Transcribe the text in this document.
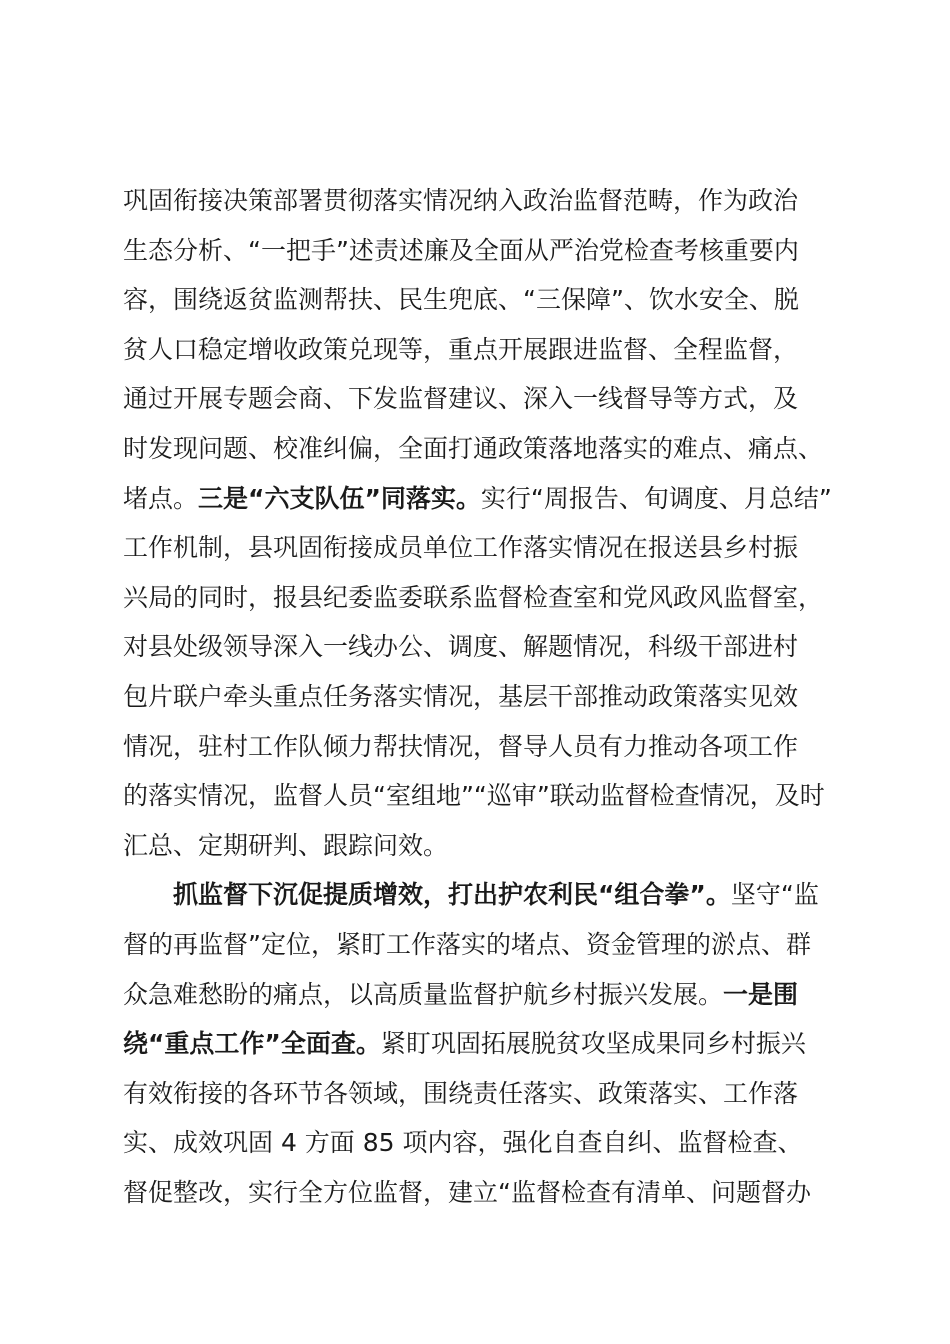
巩固衔接决策部署贯彻落实情况纳入政治监督范畴，作为政治
生态分析、“一把手”述责述廉及全面从严治党检查考核重要内
容，围绕返贫监测帮扶、民生兜底、“三保障”、饮水安全、脱
贫人口稳定增收政策兑现等，重点开展跟进监督、全程监督，
通过开展专题会商、下发监督建议、深入一线督导等方式，及
时发现问题、校准纠偏，全面打通政策落地落实的难点、痛点、
堵点。三是“六支队伍”同落实。实行“周报告、旬调度、月总结”
工作机制，县巩固衔接成员单位工作落实情况在报送县乡村振
兴局的同时，报县纪委监委联系监督检查室和党风政风监督室，
对县处级领导深入一线办公、调度、解题情况，科级干部进村
包片联户牵头重点任务落实情况，基层干部推动政策落实见效
情况，驻村工作队倾力帮扶情况，督导人员有力推动各项工作
的落实情况，监督人员“室组地”“巡审”联动监督检查情况，及时
汇总、定期研判、跟踪问效。
抓监督下沉促提质增效，打出护农利民“组合拳”。坚守“监
督的再监督”定位，紧盯工作落实的堵点、资金管理的淤点、群
众急难愁盼的痛点，以高质量监督护航乡村振兴发展。一是围
绕“重点工作”全面查。紧盯巩固拓展脱贫攻坚成果同乡村振兴
有效衔接的各环节各领域，围绕责任落实、政策落实、工作落
实、成效巩固 4 方面 85 项内容，强化自查自纠、监督检查、
督促整改，实行全方位监督，建立“监督检查有清单、问题督办
